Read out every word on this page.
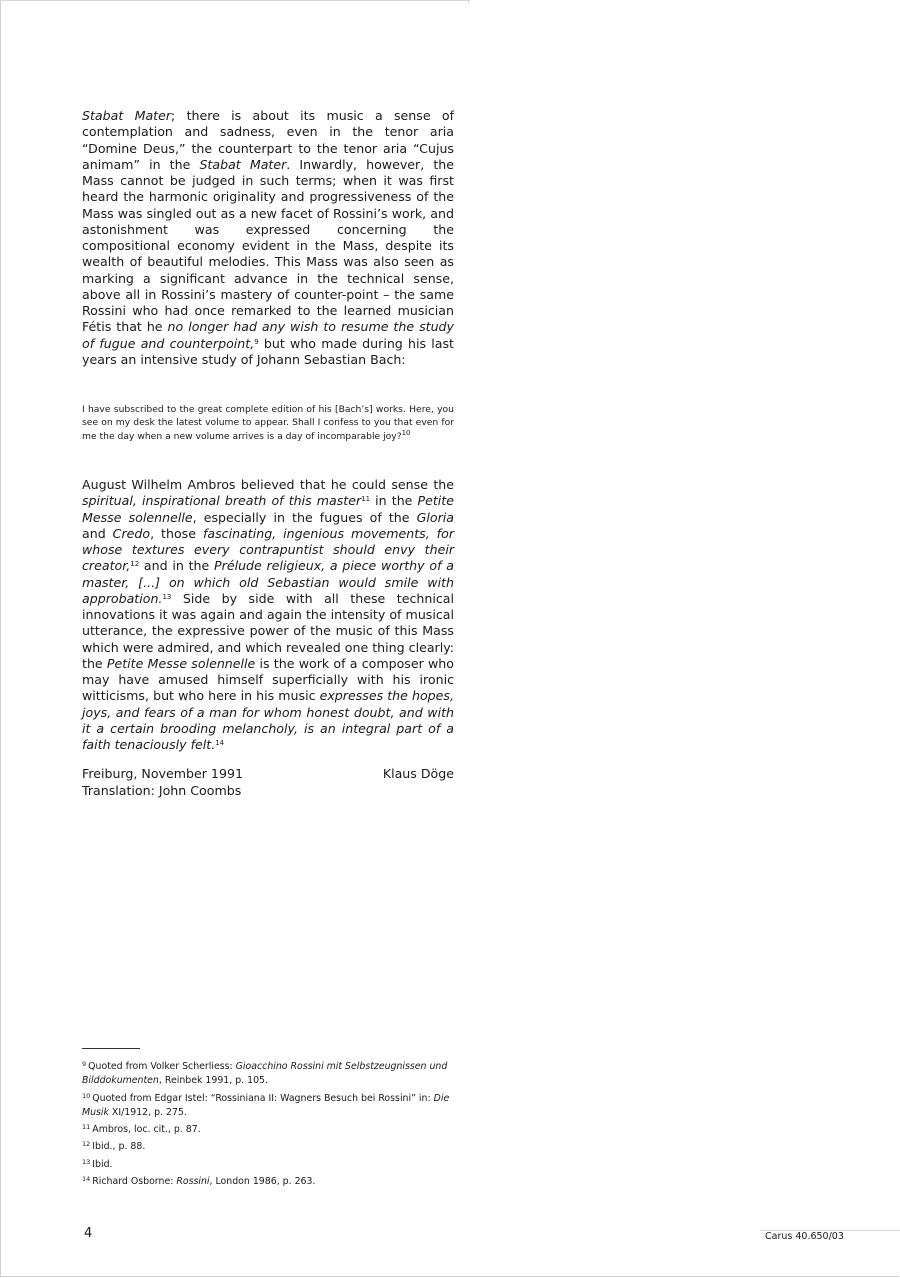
Stabat Mater; there is about its music a sense of contemplation and sadness, even in the tenor aria “Domine Deus,” the counterpart to the tenor aria “Cujus animam” in the Stabat Mater. Inwardly, however, the Mass cannot be judged in such terms; when it was first heard the harmonic originality and progressiveness of the Mass was singled out as a new facet of Rossini’s work, and astonishment was expressed concerning the compositional economy evident in the Mass, despite its wealth of beautiful melodies. This Mass was also seen as marking a significant advance in the technical sense, above all in Rossini’s mastery of counter-point – the same Rossini who had once remarked to the learned musician Fétis that he no longer had any wish to resume the study of fugue and counterpoint,$^9$ but who made during his last years an intensive study of Johann Sebastian Bach:

I have subscribed to the great complete edition of his [Bach’s] works. Here, you see on my desk the latest volume to appear. Shall I confess to you that even for me the day when a new volume arrives is a day of incomparable joy?$^{10}$

August Wilhelm Ambros believed that he could sense the spiritual, inspirational breath of this master$^{11}$ in the Petite Messe solennelle, especially in the fugues of the Gloria and Credo, those fascinating, ingenious movements, for whose textures every contrapuntist should envy their creator,$^{12}$ and in the Prélude religieux, a piece worthy of a master, [...] on which old Sebastian would smile with approbation.$^{13}$ Side by side with all these technical innovations it was again and again the intensity of musical utterance, the expressive power of the music of this Mass which were admired, and which revealed one thing clearly: the Petite Messe solennelle is the work of a composer who may have amused himself superficially with his ironic witticisms, but who here in his music expresses the hopes, joys, and fears of a man for whom honest doubt, and with it a certain brooding melancholy, is an integral part of a faith tenaciously felt.$^{14}$

Freiburg, November 1991	Klaus Döge
Translation: John Coombs

$^9$ Quoted from Volker Scherliess: Gioacchino Rossini mit Selbstzeugnissen und Bilddokumenten, Reinbek 1991, p. 105.

$^{10}$ Quoted from Edgar Istel: “Rossiniana II: Wagners Besuch bei Rossini” in: Die Musik XI/1912, p. 275.

$^{11}$ Ambros, loc. cit., p. 87.

$^{12}$ Ibid., p. 88.

$^{13}$ Ibid.

$^{14}$ Richard Osborne: Rossini, London 1986, p. 263.

4	Carus 40.650/03
